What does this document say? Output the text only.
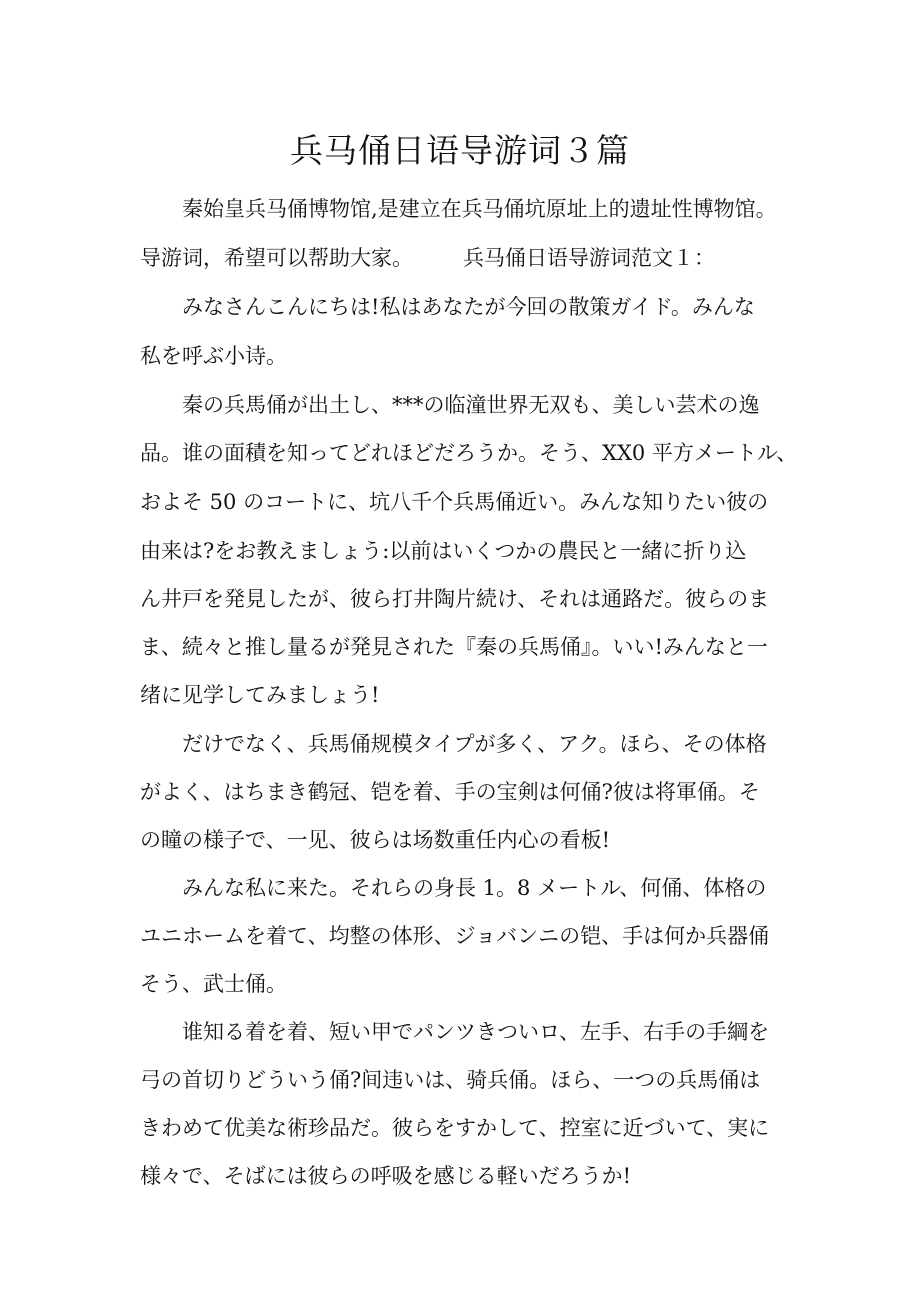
兵马俑日语导游词３篇
秦始皇兵马俑博物馆,是建立在兵马俑坑原址上的遗址性博物馆。
导游词，希望可以帮助大家。 兵马俑日语导游词范文１：
みなさんこんにちは!私はあなたが今回の散策ガイド。みんな
私を呼ぶ小诗。
秦の兵馬俑が出土し、***の临潼世界无双も、美しい芸术の逸
品。谁の面積を知ってどれほどだろうか。そう、XX0 平方メートル、
およそ 50 のコートに、坑八千个兵馬俑近い。みんな知りたい彼の
由来は?をお教えましょう:以前はいくつかの農民と一緒に折り込
ん井戸を発見したが、彼ら打井陶片続け、それは通路だ。彼らのま
ま、続々と推し量るが発見された『秦の兵馬俑』。いい!みんなと一
绪に见学してみましょう!
だけでなく、兵馬俑规模タイプが多く、アク。ほら、その体格
がよく、はちまき鹤冠、铠を着、手の宝剣は何俑?彼は将軍俑。そ
の瞳の様子で、一见、彼らは场数重任内心の看板!
みんな私に来た。それらの身長 1。8 メートル、何俑、体格の
ユニホームを着て、均整の体形、ジョバンニの铠、手は何か兵器俑
そう、武士俑。
谁知る着を着、短い甲でパンツきついロ、左手、右手の手綱を
弓の首切りどういう俑?间违いは、骑兵俑。ほら、一つの兵馬俑は
きわめて优美な術珍品だ。彼らをすかして、控室に近づいて、実に
様々で、そばには彼らの呼吸を感じる軽いだろうか!
